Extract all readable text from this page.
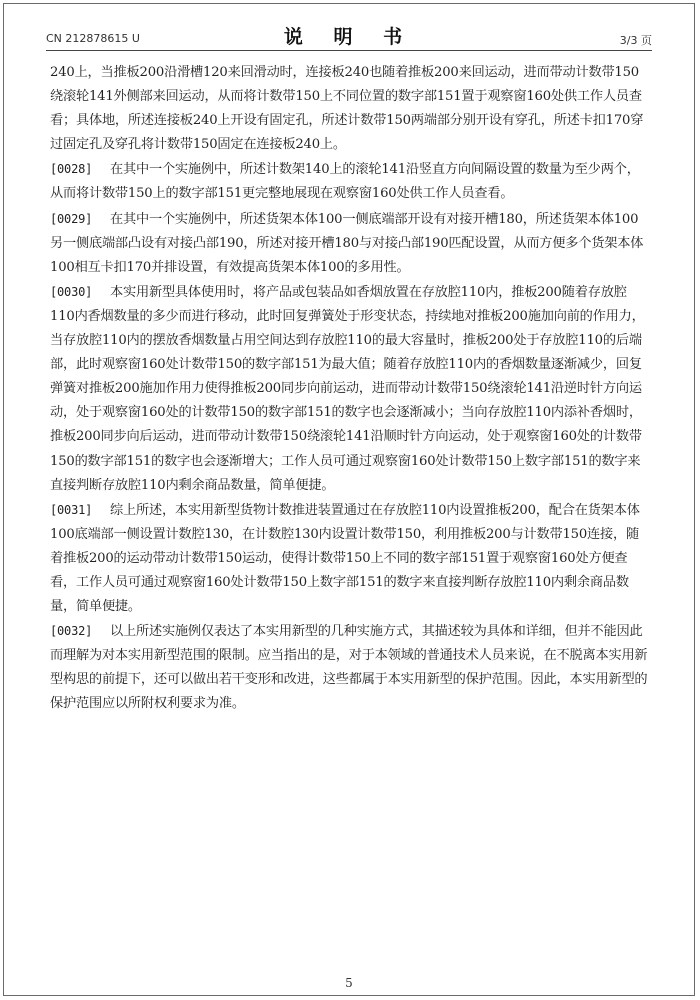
CN 212878615 U	说 明 书	3/3 页

240上，当推板200沿滑槽120来回滑动时，连接板240也随着推板200来回运动，进而带动计数带150绕滚轮141外侧部来回运动，从而将计数带150上不同位置的数字部151置于观察窗160处供工作人员查看；具体地，所述连接板240上开设有固定孔，所述计数带150两端部分别开设有穿孔，所述卡扣170穿过固定孔及穿孔将计数带150固定在连接板240上。

[0028] 在其中一个实施例中，所述计数架140上的滚轮141沿竖直方向间隔设置的数量为至少两个，从而将计数带150上的数字部151更完整地展现在观察窗160处供工作人员查看。

[0029] 在其中一个实施例中，所述货架本体100一侧底端部开设有对接开槽180，所述货架本体100另一侧底端部凸设有对接凸部190，所述对接开槽180与对接凸部190匹配设置，从而方便多个货架本体100相互卡扣170并排设置，有效提高货架本体100的多用性。

[0030] 本实用新型具体使用时，将产品或包装品如香烟放置在存放腔110内，推板200随着存放腔110内香烟数量的多少而进行移动，此时回复弹簧处于形变状态，持续地对推板200施加向前的作用力，当存放腔110内的摆放香烟数量占用空间达到存放腔110的最大容量时，推板200处于存放腔110的后端部，此时观察窗160处计数带150的数字部151为最大值；随着存放腔110内的香烟数量逐渐减少，回复弹簧对推板200施加作用力使得推板200同步向前运动，进而带动计数带150绕滚轮141沿逆时针方向运动，处于观察窗160处的计数带150的数字部151的数字也会逐渐减小；当向存放腔110内添补香烟时，推板200同步向后运动，进而带动计数带150绕滚轮141沿顺时针方向运动，处于观察窗160处的计数带150的数字部151的数字也会逐渐增大；工作人员可通过观察窗160处计数带150上数字部151的数字来直接判断存放腔110内剩余商品数量，简单便捷。

[0031] 综上所述，本实用新型货物计数推进装置通过在存放腔110内设置推板200，配合在货架本体100底端部一侧设置计数腔130，在计数腔130内设置计数带150，利用推板200与计数带150连接，随着推板200的运动带动计数带150运动，使得计数带150上不同的数字部151置于观察窗160处方便查看，工作人员可通过观察窗160处计数带150上数字部151的数字来直接判断存放腔110内剩余商品数量，简单便捷。

[0032] 以上所述实施例仅表达了本实用新型的几种实施方式，其描述较为具体和详细，但并不能因此而理解为对本实用新型范围的限制。应当指出的是，对于本领域的普通技术人员来说，在不脱离本实用新型构思的前提下，还可以做出若干变形和改进，这些都属于本实用新型的保护范围。因此，本实用新型的保护范围应以所附权利要求为准。

5
